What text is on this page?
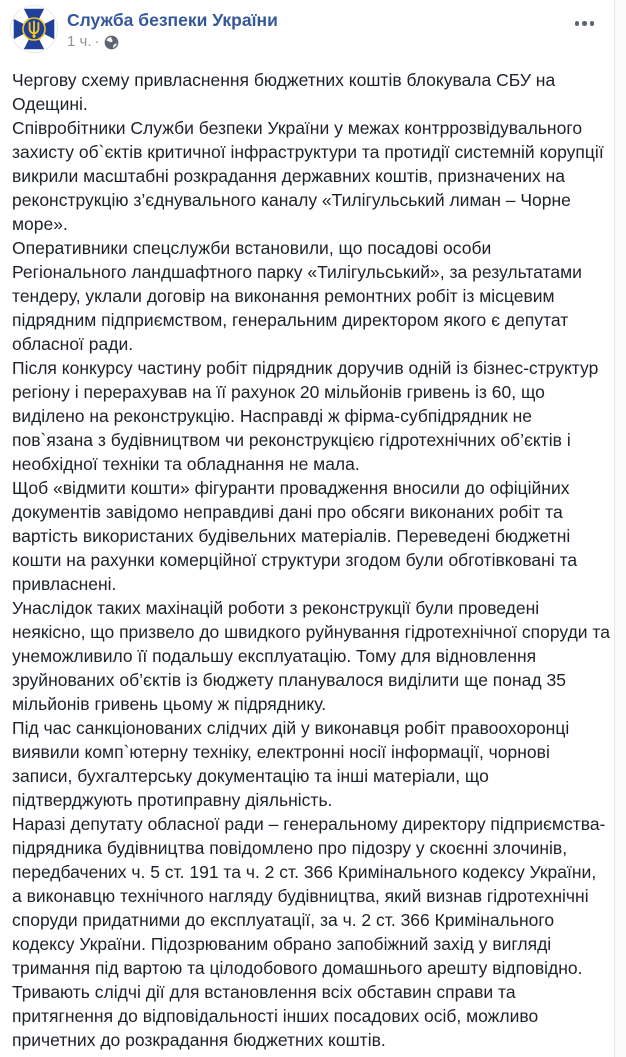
Служба безпеки України
1 ч. ·

Чергову схему привласнення бюджетних коштів блокувала СБУ на Одещині.

Співробітники Служби безпеки України у межах контррозвідувального захисту об`єктів критичної інфраструктури та протидії системній корупції викрили масштабні розкрадання державних коштів, призначених на реконструкцію з’єднувального каналу «Тилігульський лиман – Чорне море».

Оперативники спецслужби встановили, що посадові особи Регіонального ландшафтного парку «Тилігульський», за результатами тендеру, уклали договір на виконання ремонтних робіт із місцевим підрядним підприємством, генеральним директором якого є депутат обласної ради.

Після конкурсу частину робіт підрядник доручив одній із бізнес-структур регіону і перерахував на її рахунок 20 мільйонів гривень із 60, що виділено на реконструкцію. Насправді ж фірма-субпідрядник не пов`язана з будівництвом чи реконструкцією гідротехнічних об’єктів і необхідної техніки та обладнання не мала.

Щоб «відмити кошти» фігуранти провадження вносили до офіційних документів завідомо неправдиві дані про обсяги виконаних робіт та вартість використаних будівельних матеріалів. Переведені бюджетні кошти на рахунки комерційної структури згодом були обготівковані та привласнені.

Унаслідок таких махінацій роботи з реконструкції були проведені неякісно, що призвело до швидкого руйнування гідротехнічної споруди та унеможливило її подальшу експлуатацію. Тому для відновлення зруйнованих об’єктів із бюджету планувалося виділити ще понад 35 мільйонів гривень цьому ж підряднику.

Під час санкціонованих слідчих дій у виконавця робіт правоохоронці виявили комп`ютерну техніку, електронні носії інформації, чорнові записи, бухгалтерську документацію та інші матеріали, що підтверджують протиправну діяльність.

Наразі депутату обласної ради – генеральному директору підприємства-підрядника будівництва повідомлено про підозру у скоєнні злочинів, передбачених ч. 5 ст. 191 та ч. 2 ст. 366 Кримінального кодексу України, а виконавцю технічного нагляду будівництва, який визнав гідротехнічні споруди придатними до експлуатації, за ч. 2 ст. 366 Кримінального кодексу України. Підозрюваним обрано запобіжний захід у вигляді тримання під вартою та цілодобового домашнього арешту відповідно.

Тривають слідчі дії для встановлення всіх обставин справи та притягнення до відповідальності інших посадових осіб, можливо причетних до розкрадання бюджетних коштів.
